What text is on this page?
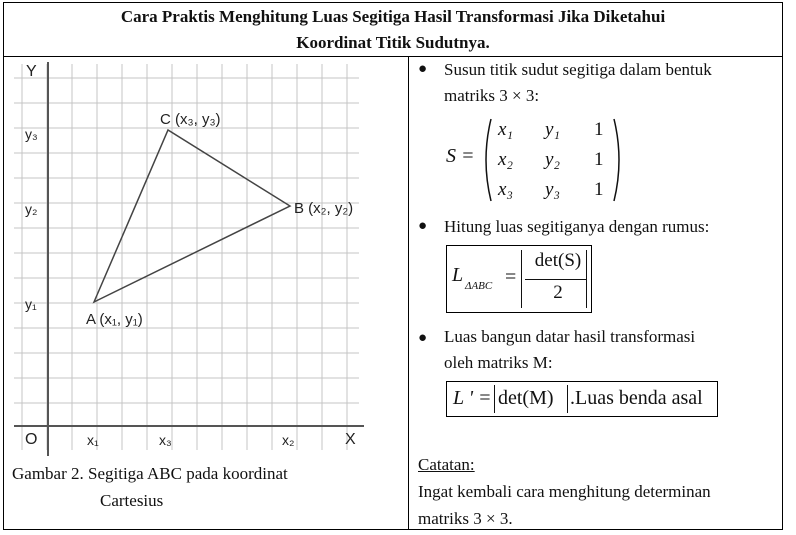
Cara Praktis Menghitung Luas Segitiga Hasil Transformasi Jika Diketahui
Koordinat Titik Sudutnya.
Y
X
O
y₃
y₂
y₁
x₁	x₃	x₂
A (x₁, y₁)
B (x₂, y₂)
C (x₃, y₃)
Gambar 2. Segitiga ABC pada koordinat
Cartesius
● Susun titik sudut segitiga dalam bentuk
matriks 3 × 3:
S =
x₁ y₁ 1
x₂ y₂ 1
x₃ y₃ 1
● Hitung luas segitiganya dengan rumus:
L ΔABC =
det(S)
2
● Luas bangun datar hasil transformasi
oleh matriks M:
L ' = det(M) .Luas benda asal
Catatan:
Ingat kembali cara menghitung determinan
matriks 3 × 3.
